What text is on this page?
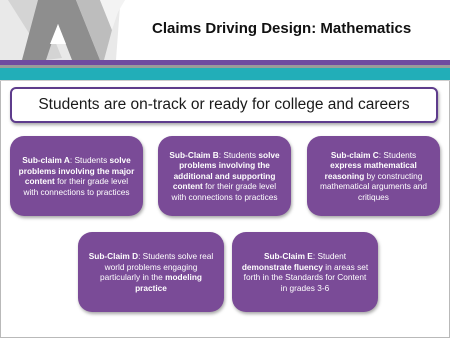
Claims Driving Design: Mathematics
Students are on-track or ready for college and careers

Sub-claim A: Students solve problems involving the major content for their grade level with connections to practices

Sub-Claim B: Students solve problems involving the additional and supporting content for their grade level with connections to practices

Sub-claim C: Students express mathematical reasoning by constructing mathematical arguments and critiques

Sub-Claim D: Students solve real world problems engaging particularly in the modeling practice

Sub-Claim E: Student demonstrate fluency in areas set forth in the Standards for Content in grades 3-6
